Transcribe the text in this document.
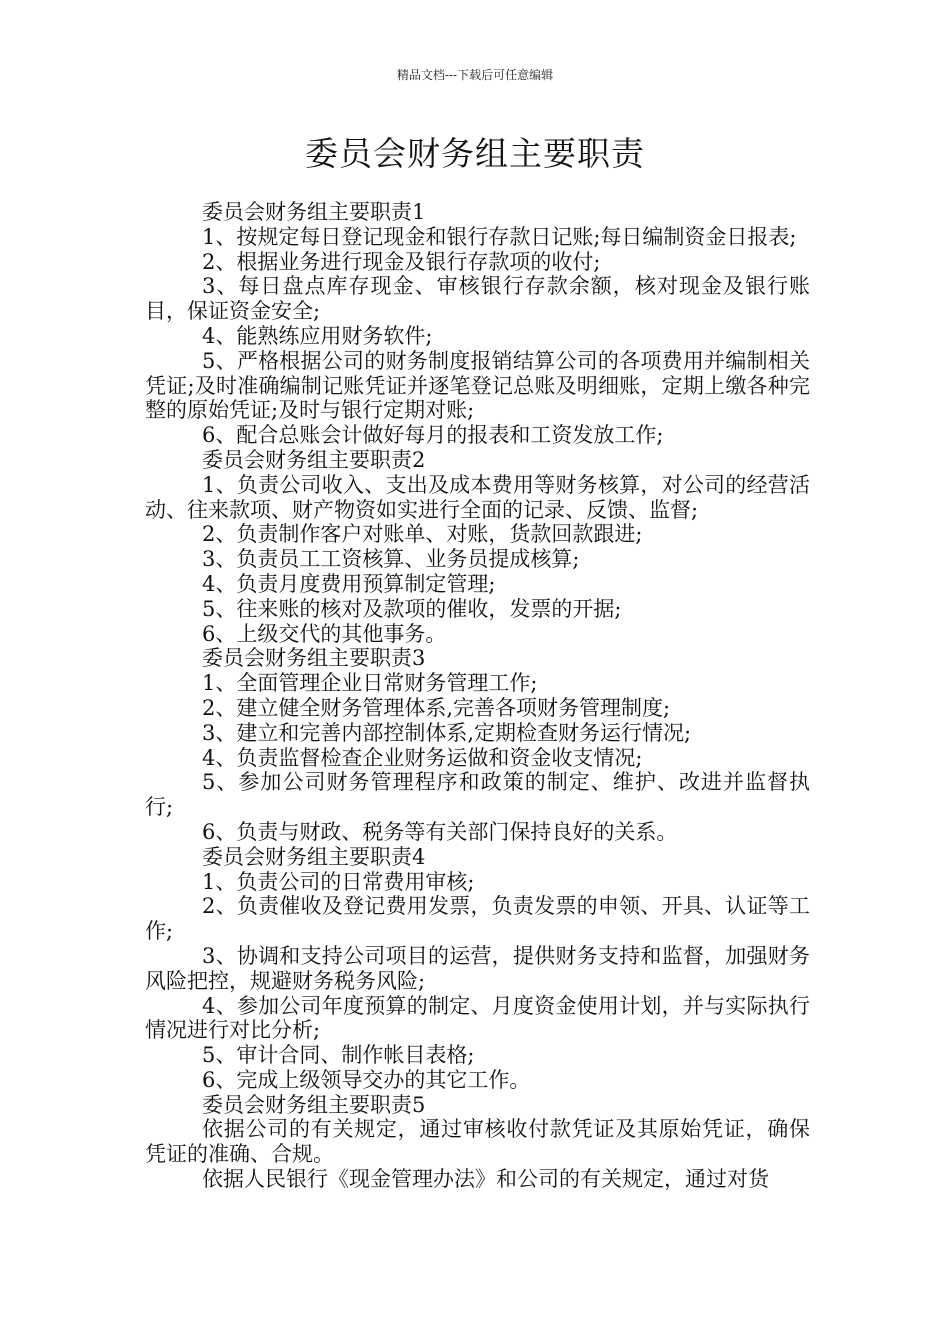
精品文档---下载后可任意编辑
委员会财务组主要职责

委员会财务组主要职责1

1、按规定每日登记现金和银行存款日记账;每日编制资金日报表;

2、根据业务进行现金及银行存款项的收付;

3、每日盘点库存现金、审核银行存款余额，核对现金及银行账目，保证资金安全;

4、能熟练应用财务软件;

5、严格根据公司的财务制度报销结算公司的各项费用并编制相关凭证;及时准确编制记账凭证并逐笔登记总账及明细账，定期上缴各种完整的原始凭证;及时与银行定期对账;

6、配合总账会计做好每月的报表和工资发放工作;

委员会财务组主要职责2

1、负责公司收入、支出及成本费用等财务核算，对公司的经营活动、往来款项、财产物资如实进行全面的记录、反馈、监督;

2、负责制作客户对账单、对账，货款回款跟进;

3、负责员工工资核算、业务员提成核算;

4、负责月度费用预算制定管理;

5、往来账的核对及款项的催收，发票的开据;

6、上级交代的其他事务。

委员会财务组主要职责3

1、全面管理企业日常财务管理工作;

2、建立健全财务管理体系,完善各项财务管理制度;

3、建立和完善内部控制体系,定期检查财务运行情况;

4、负责监督检查企业财务运做和资金收支情况;

5、参加公司财务管理程序和政策的制定、维护、改进并监督执行;

6、负责与财政、税务等有关部门保持良好的关系。

委员会财务组主要职责4

1、负责公司的日常费用审核;

2、负责催收及登记费用发票，负责发票的申领、开具、认证等工作;

3、协调和支持公司项目的运营，提供财务支持和监督，加强财务风险把控，规避财务税务风险;

4、参加公司年度预算的制定、月度资金使用计划，并与实际执行情况进行对比分析;

5、审计合同、制作帐目表格;

6、完成上级领导交办的其它工作。

委员会财务组主要职责5

依据公司的有关规定，通过审核收付款凭证及其原始凭证，确保凭证的准确、合规。

依据人民银行《现金管理办法》和公司的有关规定，通过对货
